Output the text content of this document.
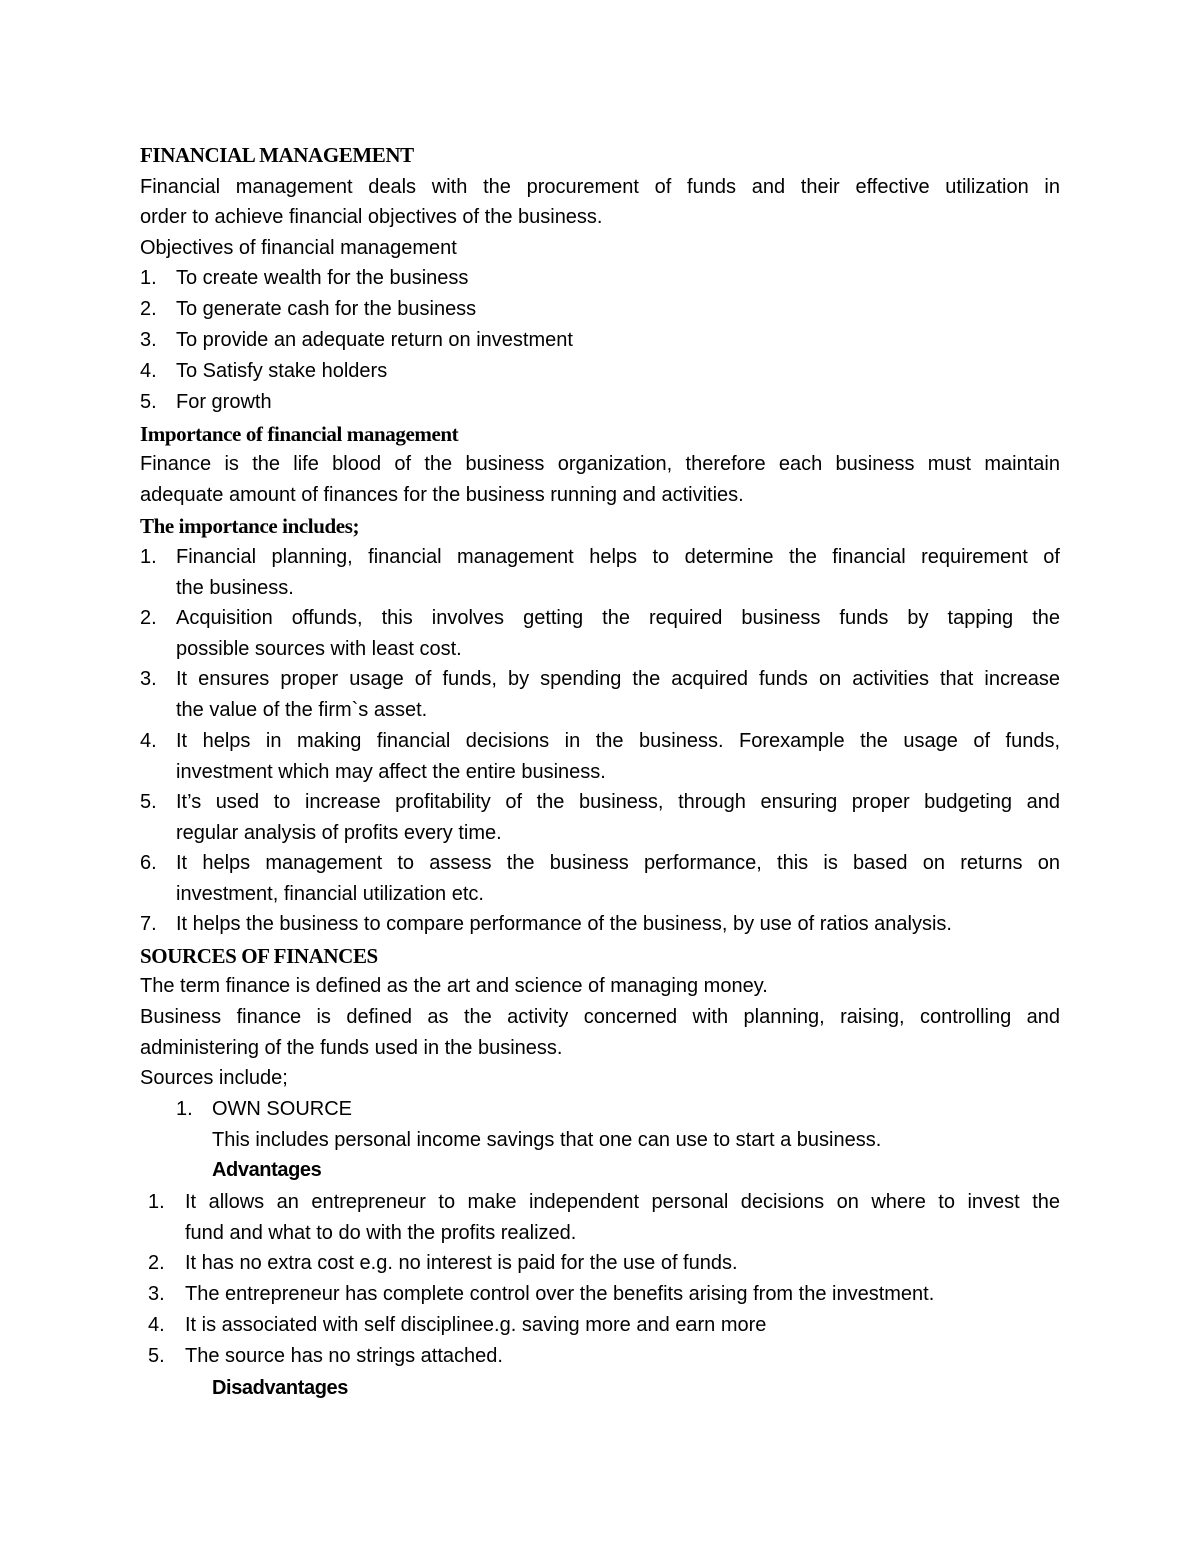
FINANCIAL MANAGEMENT
Financial management deals with the procurement of funds and their effective utilization in
order to achieve financial objectives of the business.
Objectives of financial management
1. To create wealth for the business
2. To generate cash for the business
3. To provide an adequate return on investment
4. To Satisfy stake holders
5. For growth
Importance of financial management
Finance is the life blood of the business organization, therefore each business must maintain
adequate amount of finances for the business running and activities.
The importance includes;
1. Financial planning, financial management helps to determine the financial requirement of
the business.
2. Acquisition offunds, this involves getting the required business funds by tapping the
possible sources with least cost.
3. It ensures proper usage of funds, by spending the acquired funds on activities that increase
the value of the firm`s asset.
4. It helps in making financial decisions in the business. Forexample the usage of funds,
investment which may affect the entire business.
5. It’s used to increase profitability of the business, through ensuring proper budgeting and
regular analysis of profits every time.
6. It helps management to assess the business performance, this is based on returns on
investment, financial utilization etc.
7. It helps the business to compare performance of the business, by use of ratios analysis.
SOURCES OF FINANCES
The term finance is defined as the art and science of managing money.
Business finance is defined as the activity concerned with planning, raising, controlling and
administering of the funds used in the business.
Sources include;
1. OWN SOURCE
This includes personal income savings that one can use to start a business.
Advantages
1. It allows an entrepreneur to make independent personal decisions on where to invest the
fund and what to do with the profits realized.
2. It has no extra cost e.g. no interest is paid for the use of funds.
3. The entrepreneur has complete control over the benefits arising from the investment.
4. It is associated with self disciplinee.g. saving more and earn more
5. The source has no strings attached.
Disadvantages
